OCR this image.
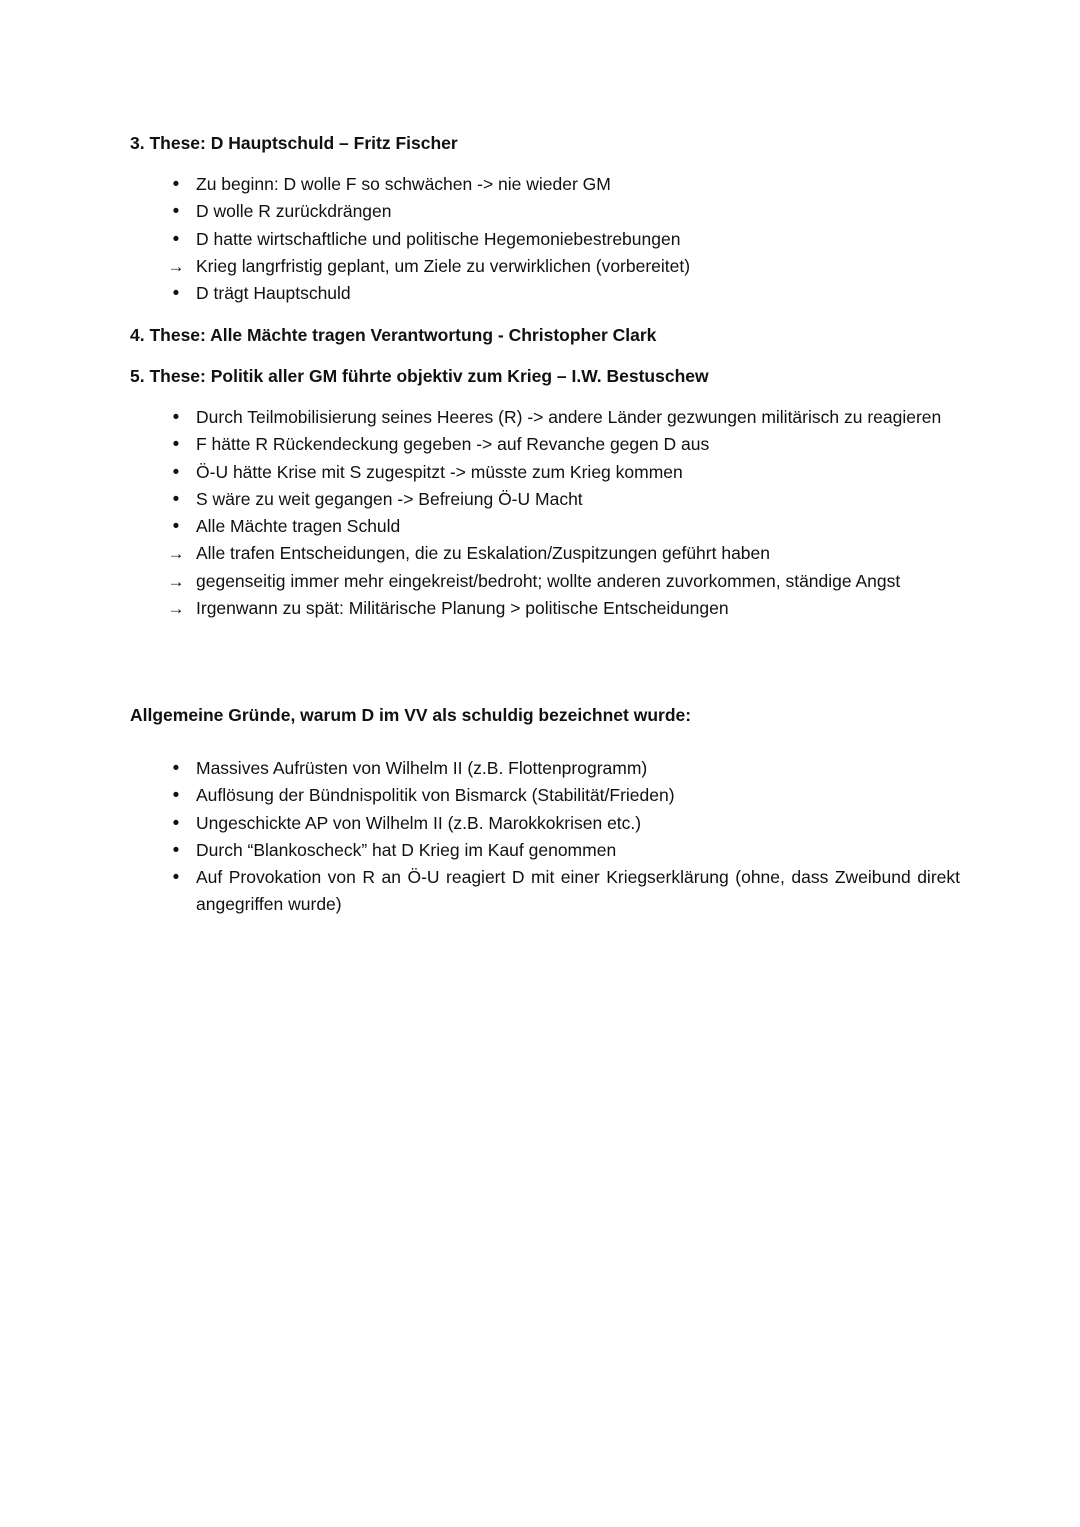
3. These: D Hauptschuld – Fritz Fischer

• Zu beginn: D wolle F so schwächen -> nie wieder GM
• D wolle R zurückdrängen
• D hatte wirtschaftliche und politische Hegemoniebestrebungen
→ Krieg langrfristig geplant, um Ziele zu verwirklichen (vorbereitet)
• D trägt Hauptschuld

4. These: Alle Mächte tragen Verantwortung - Christopher Clark

5. These: Politik aller GM führte objektiv zum Krieg – I.W. Bestuschew

• Durch Teilmobilisierung seines Heeres (R) -> andere Länder gezwungen militärisch zu reagieren
• F hätte R Rückendeckung gegeben -> auf Revanche gegen D aus
• Ö-U hätte Krise mit S zugespitzt -> müsste zum Krieg kommen
• S wäre zu weit gegangen -> Befreiung Ö-U Macht
• Alle Mächte tragen Schuld
→ Alle trafen Entscheidungen, die zu Eskalation/Zuspitzungen geführt haben
→ gegenseitig immer mehr eingekreist/bedroht; wollte anderen zuvorkommen, ständige Angst
→ Irgenwann zu spät: Militärische Planung > politische Entscheidungen

Allgemeine Gründe, warum D im VV als schuldig bezeichnet wurde:

• Massives Aufrüsten von Wilhelm II (z.B. Flottenprogramm)
• Auflösung der Bündnispolitik von Bismarck (Stabilität/Frieden)
• Ungeschickte AP von Wilhelm II (z.B. Marokkokrisen etc.)
• Durch “Blankoscheck” hat D Krieg im Kauf genommen
• Auf Provokation von R an Ö-U reagiert D mit einer Kriegserklärung (ohne, dass Zweibund direkt angegriffen wurde)
